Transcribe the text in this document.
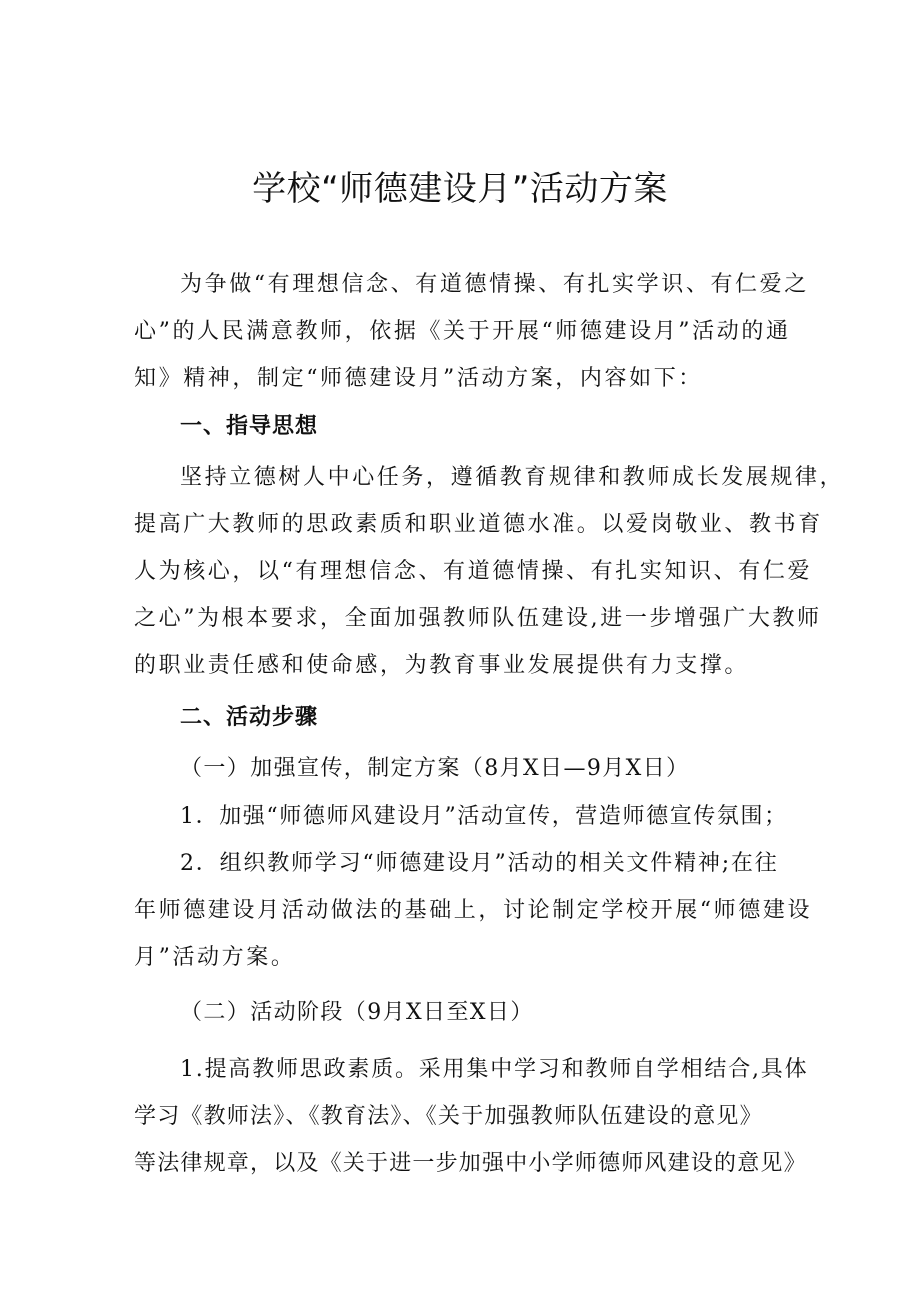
学校“师德建设月”活动方案
为争做“有理想信念、有道德情操、有扎实学识、有仁爱之
心”的人民满意教师，依据《关于开展“师德建设月”活动的通
知》精神，制定“师德建设月”活动方案，内容如下：
一、指导思想
坚持立德树人中心任务，遵循教育规律和教师成长发展规律，
提高广大教师的思政素质和职业道德水准。以爱岗敬业、教书育
人为核心，以“有理想信念、有道德情操、有扎实知识、有仁爱
之心”为根本要求，全面加强教师队伍建设,进一步增强广大教师
的职业责任感和使命感，为教育事业发展提供有力支撑。
二、活动步骤
（一）加强宣传，制定方案（8月X日—9月X日）
1．加强“师德师风建设月”活动宣传，营造师德宣传氛围；
2．组织教师学习“师德建设月”活动的相关文件精神;在往
年师德建设月活动做法的基础上，讨论制定学校开展“师德建设
月”活动方案。
（二）活动阶段（9月X日至X日）
1.提高教师思政素质。采用集中学习和教师自学相结合,具体
学习《教师法》、《教育法》、《关于加强教师队伍建设的意见》
等法律规章，以及《关于进一步加强中小学师德师风建设的意见》
